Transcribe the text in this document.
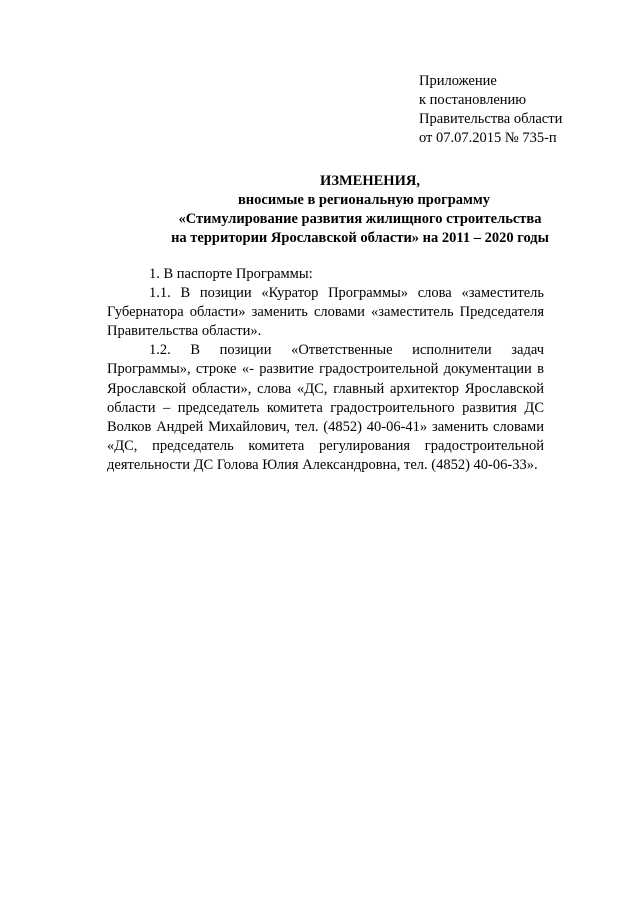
Приложение
к постановлению
Правительства области
от 07.07.2015 № 735-п
ИЗМЕНЕНИЯ,
вносимые в региональную программу
«Стимулирование развития жилищного строительства
на территории Ярославской области» на 2011 – 2020 годы

1. В паспорте Программы:

1.1. В позиции «Куратор Программы» слова «заместитель Губернатора области» заменить словами «заместитель Председателя Правительства области».

1.2. В позиции «Ответственные исполнители задач Программы», строке «- развитие градостроительной документации в Ярославской области», слова «ДС, главный архитектор Ярославской области – председатель комитета градостроительного развития ДС Волков Андрей Михайлович, тел. (4852) 40-06-41» заменить словами «ДС, председатель комитета регулирования градостроительной деятельности ДС Голова Юлия Александровна, тел. (4852) 40-06-33».
